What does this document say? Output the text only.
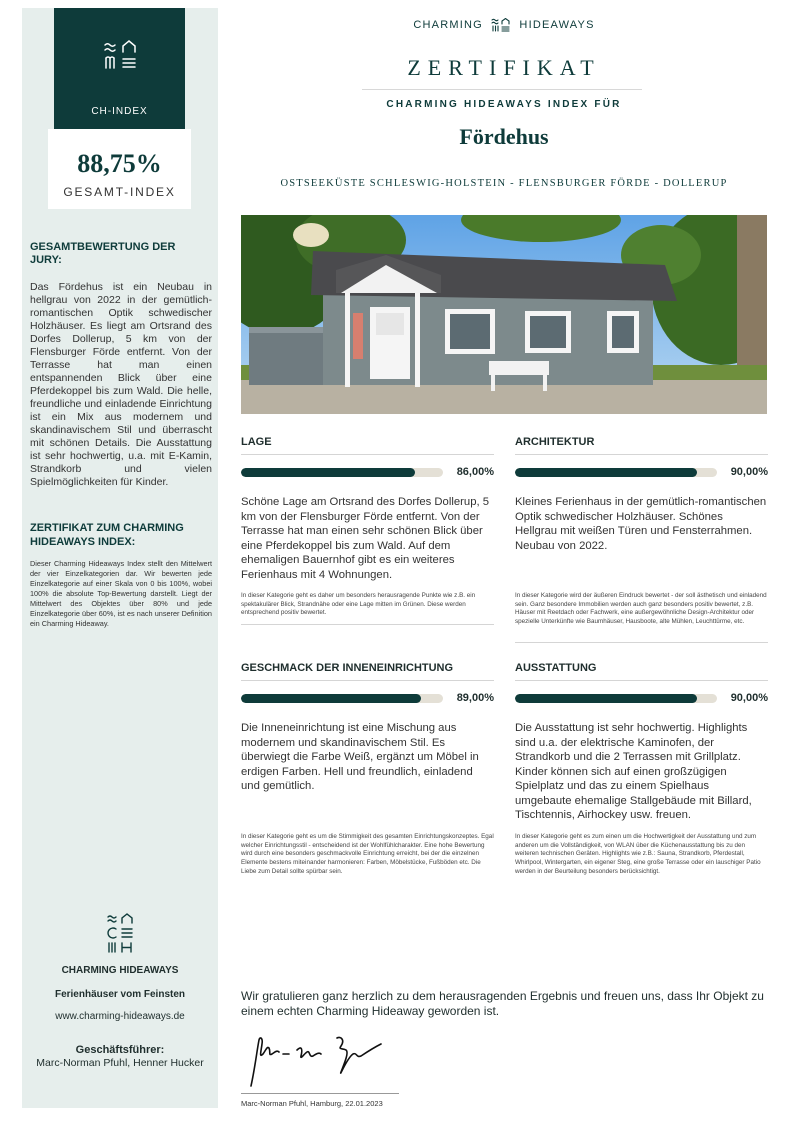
CH-INDEX
88,75%
GESAMT-INDEX
GESAMTBEWERTUNG DER JURY:
Das Fördehus ist ein Neubau in hellgrau von 2022 in der gemütlich-romantischen Optik schwedischer Holzhäuser. Es liegt am Ortsrand des Dorfes Dollerup, 5 km von der Flensburger Förde entfernt. Von der Terrasse hat man einen entspannenden Blick über eine Pferdekoppel bis zum Wald. Die helle, freundliche und einladende Einrichtung ist ein Mix aus modernem und skandinavischem Stil und überrascht mit schönen Details. Die Ausstattung ist sehr hochwertig, u.a. mit E-Kamin, Strandkorb und vielen Spielmöglichkeiten für Kinder.
ZERTIFIKAT ZUM CHARMING HIDEAWAYS INDEX:
Dieser Charming Hideaways Index stellt den Mittelwert der vier Einzelkategorien dar. Wir bewerten jede Einzelkategorie auf einer Skala von 0 bis 100%, wobei 100% die absolute Top-Bewertung darstellt. Liegt der Mittelwert des Objektes über 80% und jede Einzelkategorie über 60%, ist es nach unserer Definition ein Charming Hideaway.
CHARMING HIDEAWAYS
Ferienhäuser vom Feinsten
www.charming-hideaways.de
Geschäftsführer:
Marc-Norman Pfuhl, Henner Hucker
CHARMING	HIDEAWAYS
ZERTIFIKAT
CHARMING HIDEAWAYS INDEX FÜR
Fördehus
OSTSEEKÜSTE SCHLESWIG-HOLSTEIN - FLENSBURGER FÖRDE - DOLLERUP
LAGE
86,00%
Schöne Lage am Ortsrand des Dorfes Dollerup, 5 km von der Flensburger Förde entfernt. Von der Terrasse hat man einen sehr schönen Blick über eine Pferdekoppel bis zum Wald. Auf dem ehemaligen Bauernhof gibt es ein weiteres Ferienhaus mit 4 Wohnungen.
In dieser Kategorie geht es daher um besonders herausragende Punkte wie z.B. ein spektakulärer Blick, Strandnähe oder eine Lage mitten im Grünen. Diese werden entsprechend positiv bewertet.
ARCHITEKTUR
90,00%
Kleines Ferienhaus in der gemütlich-romantischen Optik schwedischer Holzhäuser. Schönes Hellgrau mit weißen Türen und Fensterrahmen. Neubau von 2022.
In dieser Kategorie wird der äußeren Eindruck bewertet - der soll ästhetisch und einladend sein. Ganz besondere Immobilien werden auch ganz besonders positiv bewertet, z.B. Häuser mit Reetdach oder Fachwerk, eine außergewöhnliche Design-Architektur oder spezielle Unterkünfte wie Baumhäuser, Hausboote, alte Mühlen, Leuchttürme, etc.
GESCHMACK DER INNENEINRICHTUNG
89,00%
Die Inneneinrichtung ist eine Mischung aus modernem und skandinavischem Stil. Es überwiegt die Farbe Weiß, ergänzt um Möbel in erdigen Farben. Hell und freundlich, einladend und gemütlich.
In dieser Kategorie geht es um die Stimmigkeit des gesamten Einrichtungskonzeptes. Egal welcher Einrichtungsstil - entscheidend ist der Wohlfühlcharakter. Eine hohe Bewertung wird durch eine besonders geschmackvolle Einrichtung erreicht, bei der die einzelnen Elemente bestens miteinander harmonieren: Farben, Möbelstücke, Fußböden etc. Die Liebe zum Detail sollte spürbar sein.
AUSSTATTUNG
90,00%
Die Ausstattung ist sehr hochwertig. Highlights sind u.a. der elektrische Kaminofen, der Strandkorb und die 2 Terrassen mit Grillplatz. Kinder können sich auf einen großzügigen Spielplatz und das zu einem Spielhaus umgebaute ehemalige Stallgebäude mit Billard, Tischtennis, Airhockey usw. freuen.
In dieser Kategorie geht es zum einen um die Hochwertigkeit der Ausstattung und zum anderen um die Vollständigkeit, von WLAN über die Küchenausstattung bis zu den weiteren technischen Geräten. Highlights wie z.B.: Sauna, Strandkorb, Pferdestall, Whirlpool, Wintergarten, ein eigener Steg, eine große Terrasse oder ein lauschiger Patio werden in der Beurteilung besonders berücksichtigt.
Wir gratulieren ganz herzlich zu dem herausragenden Ergebnis und freuen uns, dass Ihr Objekt zu einem echten Charming Hideaway geworden ist.
Marc-Norman Pfuhl, Hamburg, 22.01.2023
